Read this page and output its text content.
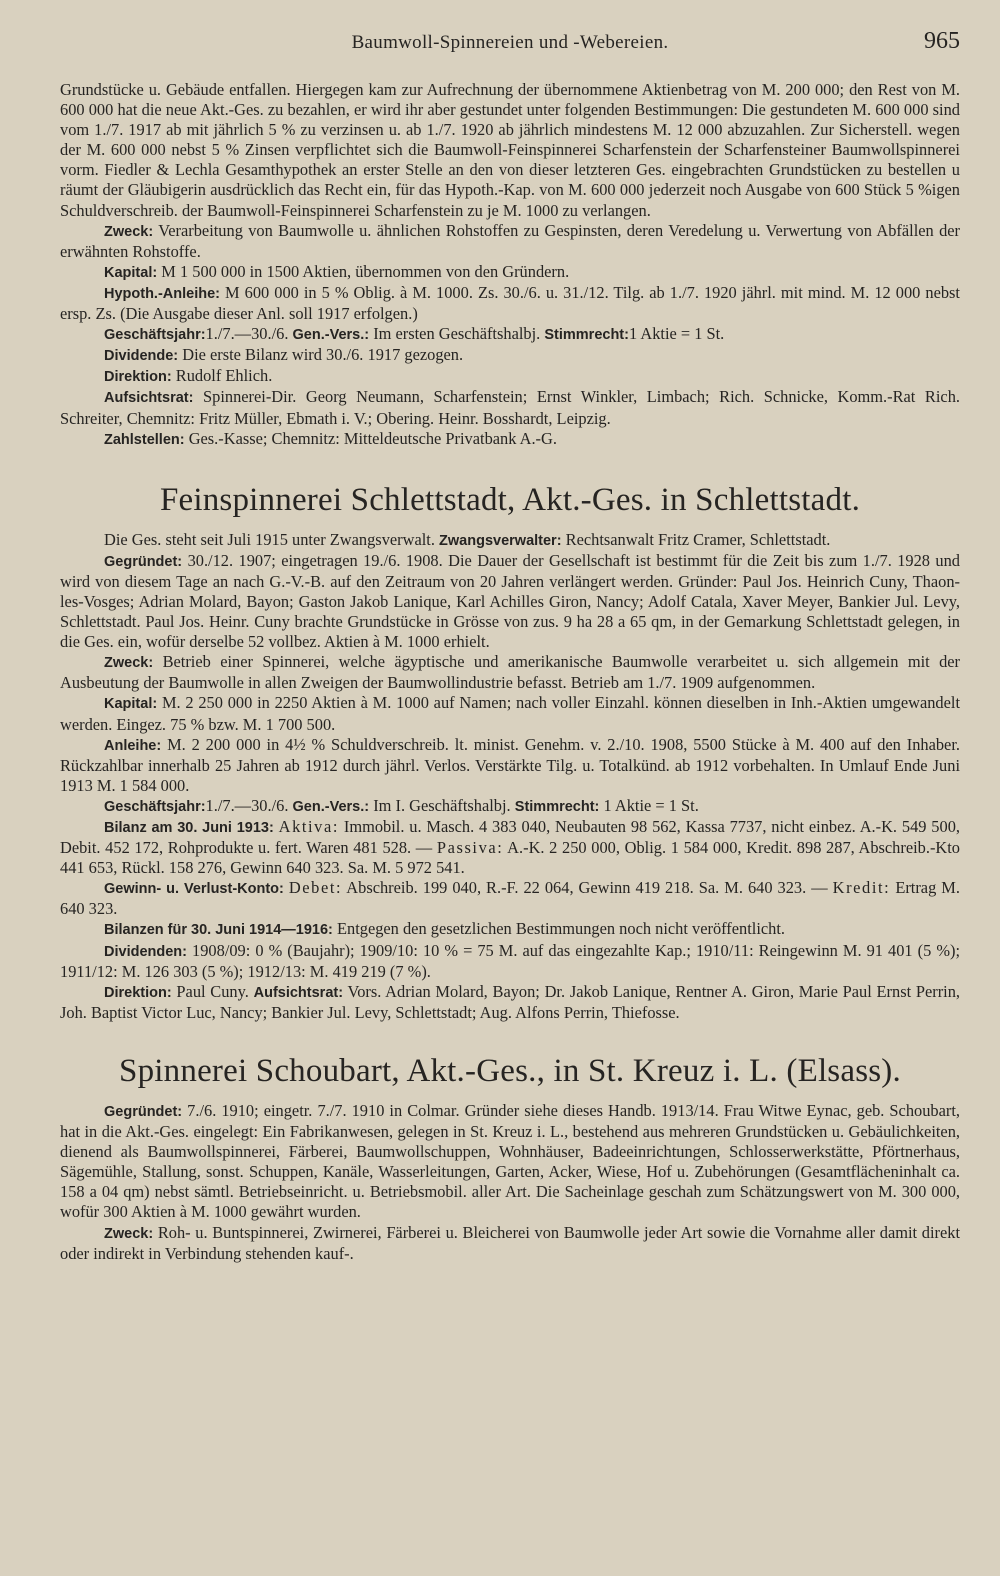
Baumwoll-Spinnereien und -Webereien.	965

Grundstücke u. Gebäude entfallen. Hiergegen kam zur Aufrechnung der übernommene Aktienbetrag von M. 200 000; den Rest von M. 600 000 hat die neue Akt.-Ges. zu bezahlen, er wird ihr aber gestundet unter folgenden Bestimmungen: Die gestundeten M. 600 000 sind vom 1./7. 1917 ab mit jährlich 5 % zu verzinsen u. ab 1./7. 1920 ab jährlich mindestens M. 12 000 abzuzahlen. Zur Sicherstell. wegen der M. 600 000 nebst 5 % Zinsen verpflichtet sich die Baumwoll-Feinspinnerei Scharfenstein der Scharfensteiner Baumwollspinnerei vorm. Fiedler & Lechla Gesamthypothek an erster Stelle an den von dieser letzteren Ges. eingebrachten Grundstücken zu bestellen u räumt der Gläubigerin ausdrücklich das Recht ein, für das Hypoth.-Kap. von M. 600 000 jederzeit noch Ausgabe von 600 Stück 5 %igen Schuldverschreib. der Baumwoll-Feinspinnerei Scharfenstein zu je M. 1000 zu verlangen.

Zweck: Verarbeitung von Baumwolle u. ähnlichen Rohstoffen zu Gespinsten, deren Veredelung u. Verwertung von Abfällen der erwähnten Rohstoffe.

Kapital: M 1 500 000 in 1500 Aktien, übernommen von den Gründern.

Hypoth.-Anleihe: M 600 000 in 5 % Oblig. à M. 1000. Zs. 30./6. u. 31./12. Tilg. ab 1./7. 1920 jährl. mit mind. M. 12 000 nebst ersp. Zs. (Die Ausgabe dieser Anl. soll 1917 erfolgen.)

Geschäftsjahr:1./7.—30./6. Gen.-Vers.: Im ersten Geschäftshalbj. Stimmrecht:1 Aktie = 1 St.

Dividende: Die erste Bilanz wird 30./6. 1917 gezogen.

Direktion: Rudolf Ehlich.

Aufsichtsrat: Spinnerei-Dir. Georg Neumann, Scharfenstein; Ernst Winkler, Limbach; Rich. Schnicke, Komm.-Rat Rich. Schreiter, Chemnitz: Fritz Müller, Ebmath i. V.; Obering. Heinr. Bosshardt, Leipzig.

Zahlstellen: Ges.-Kasse; Chemnitz: Mitteldeutsche Privatbank A.-G.

Feinspinnerei Schlettstadt, Akt.-Ges. in Schlettstadt.

Die Ges. steht seit Juli 1915 unter Zwangsverwalt. Zwangsverwalter: Rechtsanwalt Fritz Cramer, Schlettstadt.

Gegründet: 30./12. 1907; eingetragen 19./6. 1908. Die Dauer der Gesellschaft ist bestimmt für die Zeit bis zum 1./7. 1928 und wird von diesem Tage an nach G.-V.-B. auf den Zeitraum von 20 Jahren verlängert werden. Gründer: Paul Jos. Heinrich Cuny, Thaon-les-Vosges; Adrian Molard, Bayon; Gaston Jakob Lanique, Karl Achilles Giron, Nancy; Adolf Catala, Xaver Meyer, Bankier Jul. Levy, Schlettstadt. Paul Jos. Heinr. Cuny brachte Grundstücke in Grösse von zus. 9 ha 28 a 65 qm, in der Gemarkung Schlettstadt gelegen, in die Ges. ein, wofür derselbe 52 vollbez. Aktien à M. 1000 erhielt.

Zweck: Betrieb einer Spinnerei, welche ägyptische und amerikanische Baumwolle verarbeitet u. sich allgemein mit der Ausbeutung der Baumwolle in allen Zweigen der Baumwollindustrie befasst. Betrieb am 1./7. 1909 aufgenommen.

Kapital: M. 2 250 000 in 2250 Aktien à M. 1000 auf Namen; nach voller Einzahl. können dieselben in Inh.-Aktien umgewandelt werden. Eingez. 75 % bzw. M. 1 700 500.

Anleihe: M. 2 200 000 in 4½ % Schuldverschreib. lt. minist. Genehm. v. 2./10. 1908, 5500 Stücke à M. 400 auf den Inhaber. Rückzahlbar innerhalb 25 Jahren ab 1912 durch jährl. Verlos. Verstärkte Tilg. u. Totalkünd. ab 1912 vorbehalten. In Umlauf Ende Juni 1913 M. 1 584 000.

Geschäftsjahr:1./7.—30./6. Gen.-Vers.: Im I. Geschäftshalbj. Stimmrecht: 1 Aktie = 1 St.

Bilanz am 30. Juni 1913: Aktiva: Immobil. u. Masch. 4 383 040, Neubauten 98 562, Kassa 7737, nicht einbez. A.-K. 549 500, Debit. 452 172, Rohprodukte u. fert. Waren 481 528. — Passiva: A.-K. 2 250 000, Oblig. 1 584 000, Kredit. 898 287, Abschreib.-Kto 441 653, Rückl. 158 276, Gewinn 640 323. Sa. M. 5 972 541.

Gewinn- u. Verlust-Konto: Debet: Abschreib. 199 040, R.-F. 22 064, Gewinn 419 218. Sa. M. 640 323. — Kredit: Ertrag M. 640 323.

Bilanzen für 30. Juni 1914—1916: Entgegen den gesetzlichen Bestimmungen noch nicht veröffentlicht.

Dividenden: 1908/09: 0 % (Baujahr); 1909/10: 10 % = 75 M. auf das eingezahlte Kap.; 1910/11: Reingewinn M. 91 401 (5 %); 1911/12: M. 126 303 (5 %); 1912/13: M. 419 219 (7 %).

Direktion: Paul Cuny. Aufsichtsrat: Vors. Adrian Molard, Bayon; Dr. Jakob Lanique, Rentner A. Giron, Marie Paul Ernst Perrin, Joh. Baptist Victor Luc, Nancy; Bankier Jul. Levy, Schlettstadt; Aug. Alfons Perrin, Thiefosse.

Spinnerei Schoubart, Akt.-Ges., in St. Kreuz i. L. (Elsass).

Gegründet: 7./6. 1910; eingetr. 7./7. 1910 in Colmar. Gründer siehe dieses Handb. 1913/14. Frau Witwe Eynac, geb. Schoubart, hat in die Akt.-Ges. eingelegt: Ein Fabrikanwesen, gelegen in St. Kreuz i. L., bestehend aus mehreren Grundstücken u. Gebäulichkeiten, dienend als Baumwollspinnerei, Färberei, Baumwollschuppen, Wohnhäuser, Badeeinrichtungen, Schlosserwerkstätte, Pförtnerhaus, Sägemühle, Stallung, sonst. Schuppen, Kanäle, Wasserleitungen, Garten, Acker, Wiese, Hof u. Zubehörungen (Gesamtflächeninhalt ca. 158 a 04 qm) nebst sämtl. Betriebseinricht. u. Betriebsmobil. aller Art. Die Sacheinlage geschah zum Schätzungswert von M. 300 000, wofür 300 Aktien à M. 1000 gewährt wurden.

Zweck: Roh- u. Buntspinnerei, Zwirnerei, Färberei u. Bleicherei von Baumwolle jeder Art sowie die Vornahme aller damit direkt oder indirekt in Verbindung stehenden kauf-.
